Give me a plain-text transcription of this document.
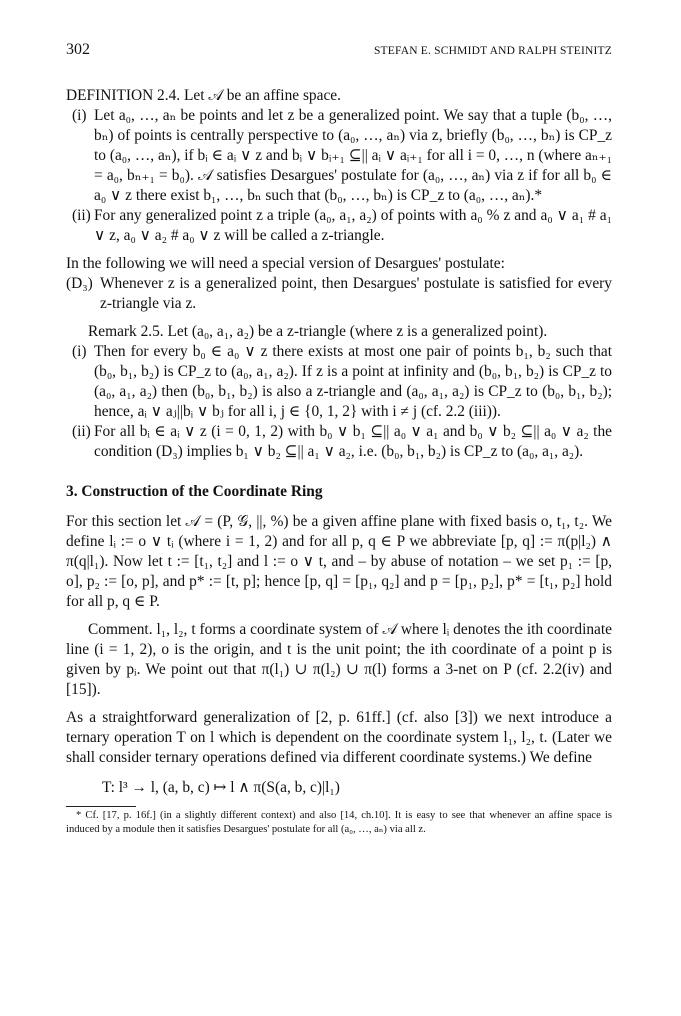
302	STEFAN E. SCHMIDT AND RALPH STEINITZ

DEFINITION 2.4. Let 𝒜 be an affine space.

(i) Let a₀, …, aₙ be points and let z be a generalized point. We say that a tuple (b₀, …, bₙ) of points is centrally perspective to (a₀, …, aₙ) via z, briefly (b₀, …, bₙ) is CP_z to (a₀, …, aₙ), if bᵢ ∈ aᵢ ∨ z and bᵢ ∨ bᵢ₊₁ ⊆|| aᵢ ∨ aᵢ₊₁ for all i = 0, …, n (where aₙ₊₁ = a₀, bₙ₊₁ = b₀). 𝒜 satisfies Desargues' postulate for (a₀, …, aₙ) via z if for all b₀ ∈ a₀ ∨ z there exist b₁, …, bₙ such that (b₀, …, bₙ) is CP_z to (a₀, …, aₙ).*
(ii) For any generalized point z a triple (a₀, a₁, a₂) of points with a₀ % z and a₀ ∨ a₁ # a₁ ∨ z, a₀ ∨ a₂ # a₀ ∨ z will be called a z-triangle.

In the following we will need a special version of Desargues' postulate:

(D₃) Whenever z is a generalized point, then Desargues' postulate is satisfied for every z-triangle via z.

Remark 2.5. Let (a₀, a₁, a₂) be a z-triangle (where z is a generalized point).

(i) Then for every b₀ ∈ a₀ ∨ z there exists at most one pair of points b₁, b₂ such that (b₀, b₁, b₂) is CP_z to (a₀, a₁, a₂). If z is a point at infinity and (b₀, b₁, b₂) is CP_z to (a₀, a₁, a₂) then (b₀, b₁, b₂) is also a z-triangle and (a₀, a₁, a₂) is CP_z to (b₀, b₁, b₂); hence, aᵢ ∨ aⱼ||bᵢ ∨ bⱼ for all i, j ∈ {0, 1, 2} with i ≠ j (cf. 2.2 (iii)).
(ii) For all bᵢ ∈ aᵢ ∨ z (i = 0, 1, 2) with b₀ ∨ b₁ ⊆|| a₀ ∨ a₁ and b₀ ∨ b₂ ⊆|| a₀ ∨ a₂ the condition (D₃) implies b₁ ∨ b₂ ⊆|| a₁ ∨ a₂, i.e. (b₀, b₁, b₂) is CP_z to (a₀, a₁, a₂).

3. Construction of the Coordinate Ring

For this section let 𝒜 = (P, 𝒢, ||, %) be a given affine plane with fixed basis o, t₁, t₂. We define lᵢ := o ∨ tᵢ (where i = 1, 2) and for all p, q ∈ P we abbreviate [p, q] := π(p|l₂) ∧ π(q|l₁). Now let t := [t₁, t₂] and l := o ∨ t, and – by abuse of notation – we set p₁ := [p, o], p₂ := [o, p], and p* := [t, p]; hence [p, q] = [p₁, q₂] and p = [p₁, p₂], p* = [t₁, p₂] hold for all p, q ∈ P.

Comment. l₁, l₂, t forms a coordinate system of 𝒜 where lᵢ denotes the ith coordinate line (i = 1, 2), o is the origin, and t is the unit point; the ith coordinate of a point p is given by pᵢ. We point out that π(l₁) ∪ π(l₂) ∪ π(l) forms a 3-net on P (cf. 2.2(iv) and [15]).

As a straightforward generalization of [2, p. 61ff.] (cf. also [3]) we next introduce a ternary operation T on l which is dependent on the coordinate system l₁, l₂, t. (Later we shall consider ternary operations defined via different coordinate systems.) We define

T: l³ → l, (a, b, c) ↦ l ∧ π(S(a, b, c)|l₁)

* Cf. [17, p. 16f.] (in a slightly different context) and also [14, ch.10]. It is easy to see that whenever an affine space is induced by a module then it satisfies Desargues' postulate for all (a₀, …, aₙ) via all z.
